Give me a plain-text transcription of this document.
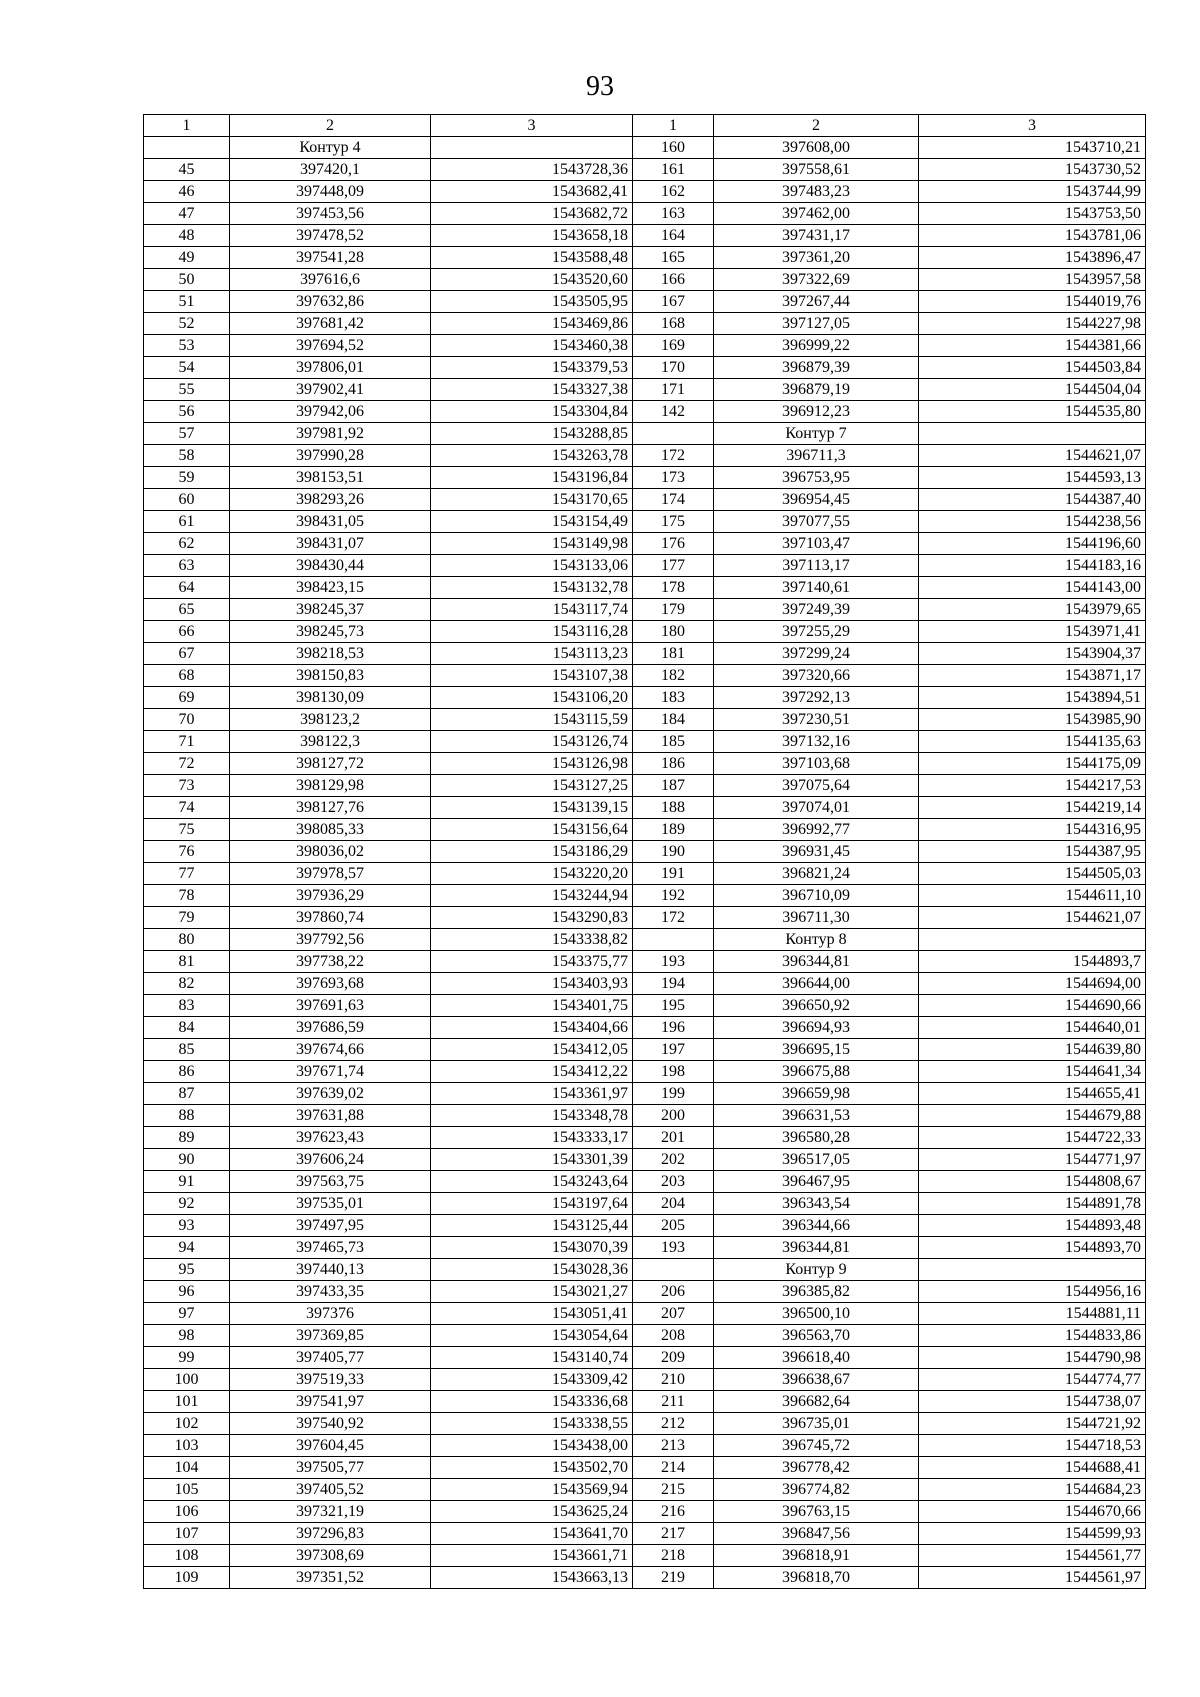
93
1	2	3	1	2	3
	Контур 4		160	397608,00	1543710,21
45	397420,1	1543728,36	161	397558,61	1543730,52
46	397448,09	1543682,41	162	397483,23	1543744,99
47	397453,56	1543682,72	163	397462,00	1543753,50
48	397478,52	1543658,18	164	397431,17	1543781,06
49	397541,28	1543588,48	165	397361,20	1543896,47
50	397616,6	1543520,60	166	397322,69	1543957,58
51	397632,86	1543505,95	167	397267,44	1544019,76
52	397681,42	1543469,86	168	397127,05	1544227,98
53	397694,52	1543460,38	169	396999,22	1544381,66
54	397806,01	1543379,53	170	396879,39	1544503,84
55	397902,41	1543327,38	171	396879,19	1544504,04
56	397942,06	1543304,84	142	396912,23	1544535,80
57	397981,92	1543288,85		Контур 7	
58	397990,28	1543263,78	172	396711,3	1544621,07
59	398153,51	1543196,84	173	396753,95	1544593,13
60	398293,26	1543170,65	174	396954,45	1544387,40
61	398431,05	1543154,49	175	397077,55	1544238,56
62	398431,07	1543149,98	176	397103,47	1544196,60
63	398430,44	1543133,06	177	397113,17	1544183,16
64	398423,15	1543132,78	178	397140,61	1544143,00
65	398245,37	1543117,74	179	397249,39	1543979,65
66	398245,73	1543116,28	180	397255,29	1543971,41
67	398218,53	1543113,23	181	397299,24	1543904,37
68	398150,83	1543107,38	182	397320,66	1543871,17
69	398130,09	1543106,20	183	397292,13	1543894,51
70	398123,2	1543115,59	184	397230,51	1543985,90
71	398122,3	1543126,74	185	397132,16	1544135,63
72	398127,72	1543126,98	186	397103,68	1544175,09
73	398129,98	1543127,25	187	397075,64	1544217,53
74	398127,76	1543139,15	188	397074,01	1544219,14
75	398085,33	1543156,64	189	396992,77	1544316,95
76	398036,02	1543186,29	190	396931,45	1544387,95
77	397978,57	1543220,20	191	396821,24	1544505,03
78	397936,29	1543244,94	192	396710,09	1544611,10
79	397860,74	1543290,83	172	396711,30	1544621,07
80	397792,56	1543338,82		Контур 8	
81	397738,22	1543375,77	193	396344,81	1544893,7
82	397693,68	1543403,93	194	396644,00	1544694,00
83	397691,63	1543401,75	195	396650,92	1544690,66
84	397686,59	1543404,66	196	396694,93	1544640,01
85	397674,66	1543412,05	197	396695,15	1544639,80
86	397671,74	1543412,22	198	396675,88	1544641,34
87	397639,02	1543361,97	199	396659,98	1544655,41
88	397631,88	1543348,78	200	396631,53	1544679,88
89	397623,43	1543333,17	201	396580,28	1544722,33
90	397606,24	1543301,39	202	396517,05	1544771,97
91	397563,75	1543243,64	203	396467,95	1544808,67
92	397535,01	1543197,64	204	396343,54	1544891,78
93	397497,95	1543125,44	205	396344,66	1544893,48
94	397465,73	1543070,39	193	396344,81	1544893,70
95	397440,13	1543028,36		Контур 9	
96	397433,35	1543021,27	206	396385,82	1544956,16
97	397376	1543051,41	207	396500,10	1544881,11
98	397369,85	1543054,64	208	396563,70	1544833,86
99	397405,77	1543140,74	209	396618,40	1544790,98
100	397519,33	1543309,42	210	396638,67	1544774,77
101	397541,97	1543336,68	211	396682,64	1544738,07
102	397540,92	1543338,55	212	396735,01	1544721,92
103	397604,45	1543438,00	213	396745,72	1544718,53
104	397505,77	1543502,70	214	396778,42	1544688,41
105	397405,52	1543569,94	215	396774,82	1544684,23
106	397321,19	1543625,24	216	396763,15	1544670,66
107	397296,83	1543641,70	217	396847,56	1544599,93
108	397308,69	1543661,71	218	396818,91	1544561,77
109	397351,52	1543663,13	219	396818,70	1544561,97
